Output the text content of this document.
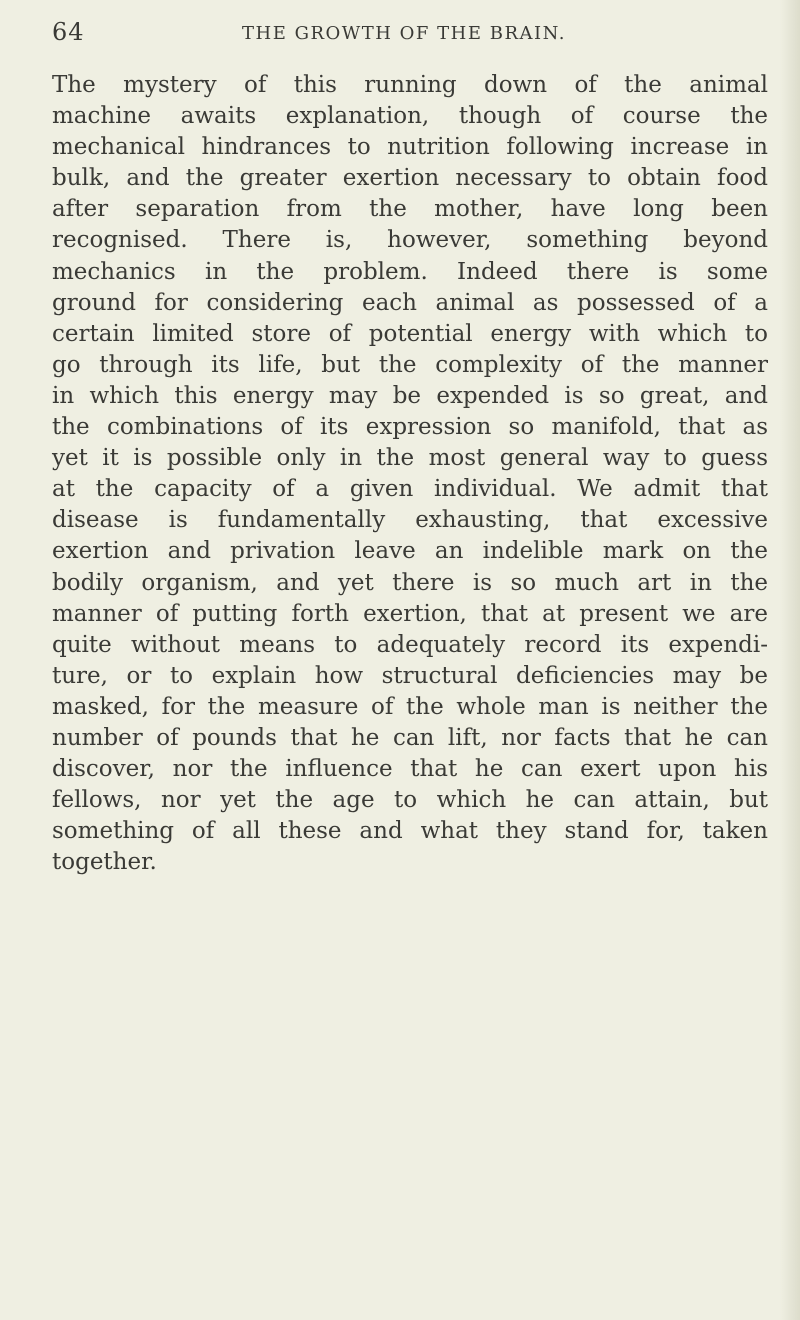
64	THE GROWTH OF THE BRAIN.

The mystery of this running down of the animal
machine awaits explanation, though of course the
mechanical hindrances to nutrition following increase in
bulk, and the greater exertion necessary to obtain food
after separation from the mother, have long been
recognised. There is, however, something beyond
mechanics in the problem. Indeed there is some
ground for considering each animal as possessed of a
certain limited store of potential energy with which to
go through its life, but the complexity of the manner
in which this energy may be expended is so great, and
the combinations of its expression so manifold, that as
yet it is possible only in the most general way to guess
at the capacity of a given individual. We admit that
disease is fundamentally exhausting, that excessive
exertion and privation leave an indelible mark on the
bodily organism, and yet there is so much art in the
manner of putting forth exertion, that at present we are
quite without means to adequately record its expendi-
ture, or to explain how structural deficiencies may be
masked, for the measure of the whole man is neither the
number of pounds that he can lift, nor facts that he can
discover, nor the influence that he can exert upon his
fellows, nor yet the age to which he can attain, but
something of all these and what they stand for, taken
together.
